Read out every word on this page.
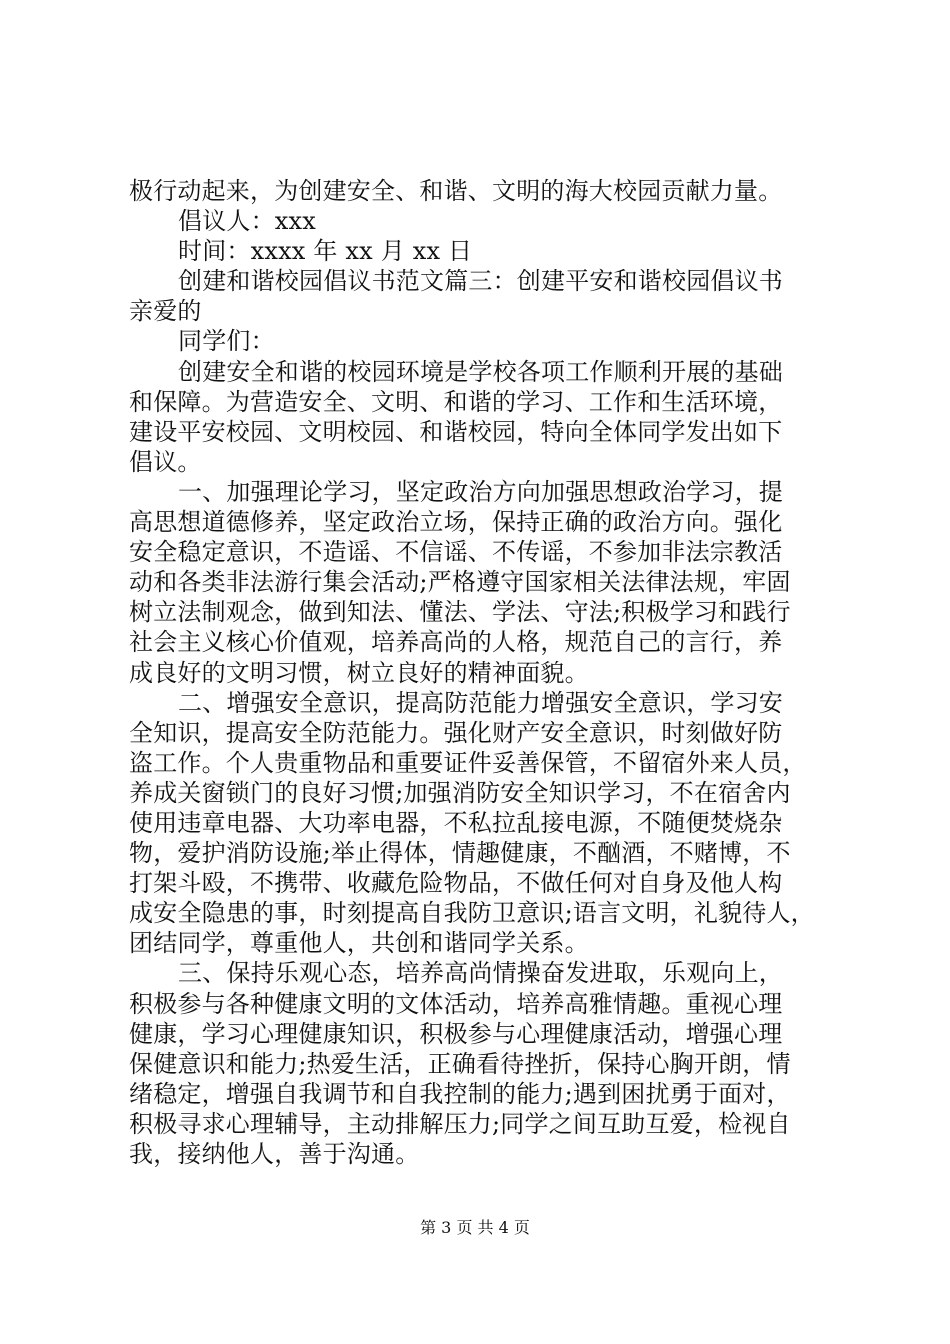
极行动起来，为创建安全、和谐、文明的海大校园贡献力量。
倡议人：xxx
时间：xxxx 年 xx 月 xx 日
创建和谐校园倡议书范文篇三：创建平安和谐校园倡议书
亲爱的
同学们：
创建安全和谐的校园环境是学校各项工作顺利开展的基础
和保障。为营造安全、文明、和谐的学习、工作和生活环境，
建设平安校园、文明校园、和谐校园，特向全体同学发出如下
倡议。
一、加强理论学习，坚定政治方向加强思想政治学习，提
高思想道德修养，坚定政治立场，保持正确的政治方向。强化
安全稳定意识，不造谣、不信谣、不传谣，不参加非法宗教活
动和各类非法游行集会活动;严格遵守国家相关法律法规，牢固
树立法制观念，做到知法、懂法、学法、守法;积极学习和践行
社会主义核心价值观，培养高尚的人格，规范自己的言行，养
成良好的文明习惯，树立良好的精神面貌。
二、增强安全意识，提高防范能力增强安全意识，学习安
全知识，提高安全防范能力。强化财产安全意识，时刻做好防
盗工作。个人贵重物品和重要证件妥善保管，不留宿外来人员，
养成关窗锁门的良好习惯;加强消防安全知识学习，不在宿舍内
使用违章电器、大功率电器，不私拉乱接电源，不随便焚烧杂
物，爱护消防设施;举止得体，情趣健康，不酗酒，不赌博，不
打架斗殴，不携带、收藏危险物品，不做任何对自身及他人构
成安全隐患的事，时刻提高自我防卫意识;语言文明，礼貌待人，
团结同学，尊重他人，共创和谐同学关系。
三、保持乐观心态，培养高尚情操奋发进取，乐观向上，
积极参与各种健康文明的文体活动，培养高雅情趣。重视心理
健康，学习心理健康知识，积极参与心理健康活动，增强心理
保健意识和能力;热爱生活，正确看待挫折，保持心胸开朗，情
绪稳定，增强自我调节和自我控制的能力;遇到困扰勇于面对，
积极寻求心理辅导，主动排解压力;同学之间互助互爱，检视自
我，接纳他人，善于沟通。
第 3 页 共 4 页
